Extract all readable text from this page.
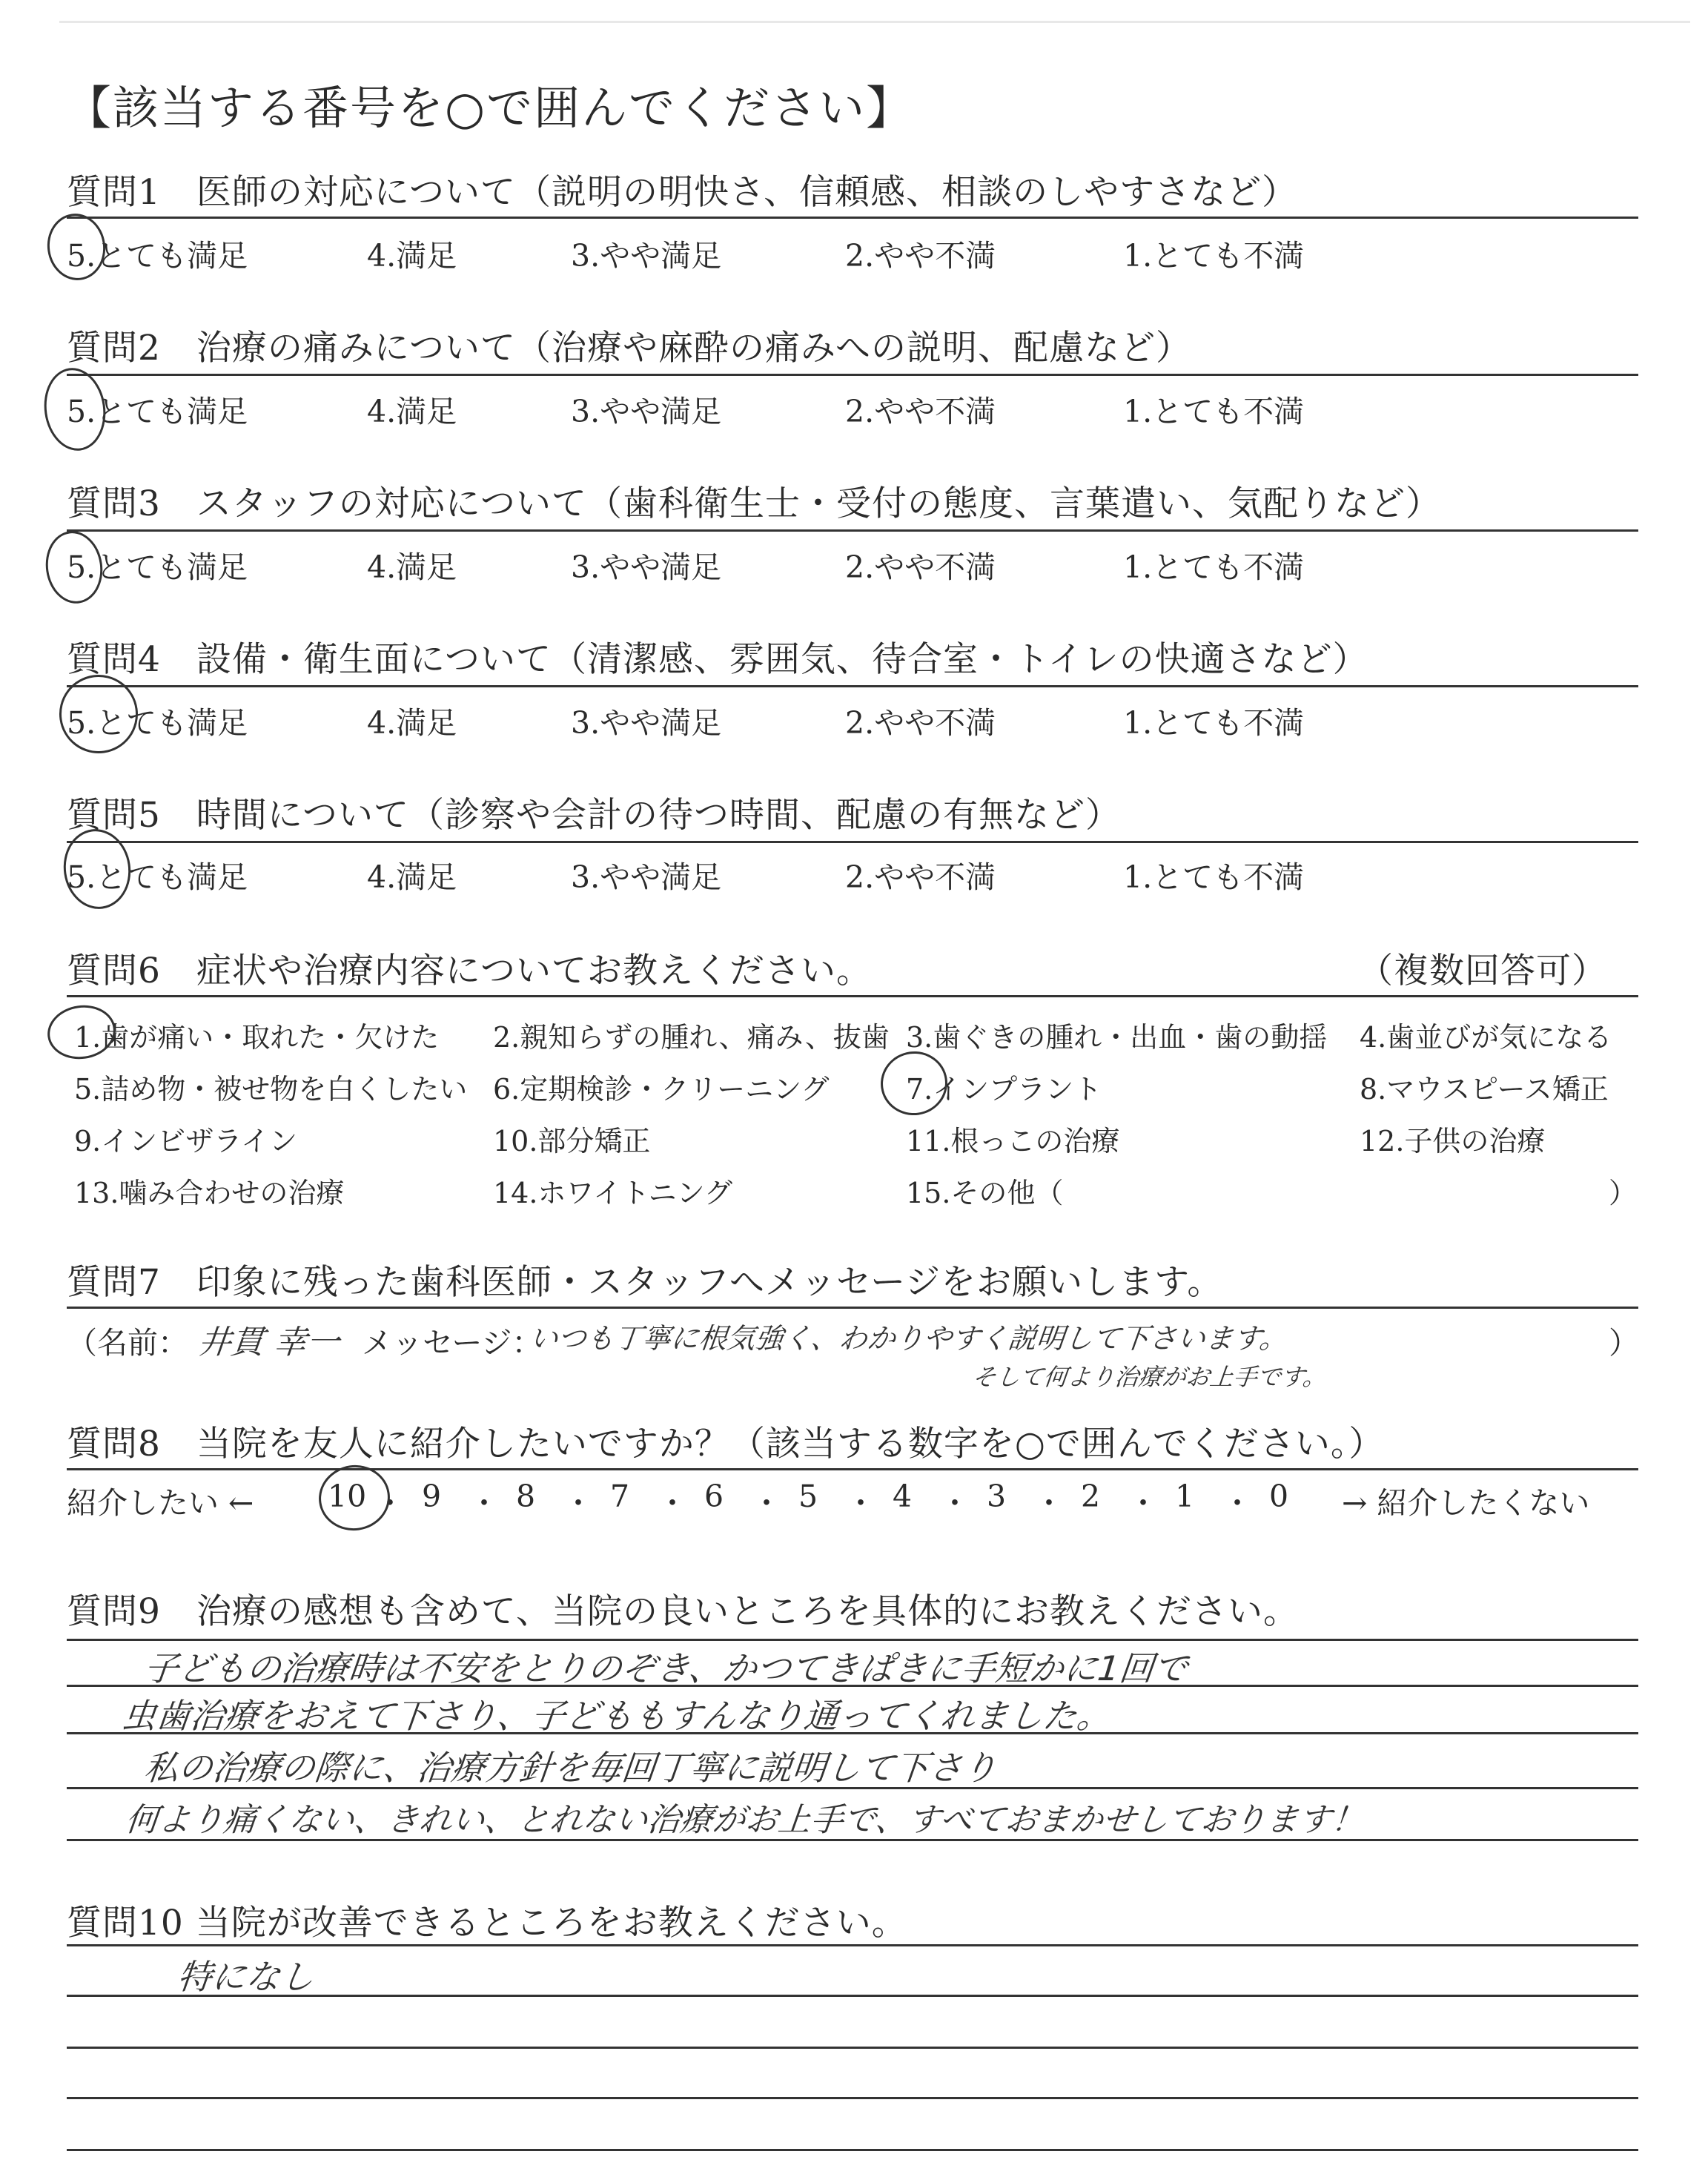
【該当する番号を○で囲んでください】
質問1　医師の対応について（説明の明快さ、信頼感、相談のしやすさなど）
5.とても満足	4.満足	3.やや満足	2.やや不満	1.とても不満
質問2　治療の痛みについて（治療や麻酔の痛みへの説明、配慮など）
5.とても満足	4.満足	3.やや満足	2.やや不満	1.とても不満
質問3　スタッフの対応について（歯科衛生士・受付の態度、言葉遣い、気配りなど）
5.とても満足	4.満足	3.やや満足	2.やや不満	1.とても不満
質問4　設備・衛生面について（清潔感、雰囲気、待合室・トイレの快適さなど）
5.とても満足	4.満足	3.やや満足	2.やや不満	1.とても不満
質問5　時間について（診察や会計の待つ時間、配慮の有無など）
5.とても満足	4.満足	3.やや満足	2.やや不満	1.とても不満
質問6　症状や治療内容についてお教えください。	（複数回答可）
1.歯が痛い・取れた・欠けた 2.親知らずの腫れ、痛み、抜歯 3.歯ぐきの腫れ・出血・歯の動揺 4.歯並びが気になる
5.詰め物・被せ物を白くしたい 6.定期検診・クリーニング	7.インプラント	8.マウスピース矯正
9.インビザライン	10.部分矯正	11.根っこの治療	12.子供の治療
13.噛み合わせの治療	14.ホワイトニング	15.その他（	）
質問7　印象に残った歯科医師・スタッフへメッセージをお願いします。
（名前： 井貫 幸一 メッセージ：
いつも丁寧に根気強く、わかりやすく説明して下さいます。
そして何より治療がお上手です。
）
質問8　当院を友人に紹介したいですか？（該当する数字を○で囲んでください。）
紹介したい ← 10 ・ 9 ・ 8 ・ 7 ・ 6 ・ 5 ・ 4 ・ 3 ・ 2 ・ 1 ・ 0 → 紹介したくない
質問9　治療の感想も含めて、当院の良いところを具体的にお教えください。
子どもの治療時は不安をとりのぞき、かつてきぱきに手短かに1回で
虫歯治療をおえて下さり、子どももすんなり通ってくれました。
私の治療の際に、治療方針を毎回丁寧に説明して下さり
何より痛くない、きれい、とれない治療がお上手で、すべておまかせしております！
質問10 当院が改善できるところをお教えください。
特になし
